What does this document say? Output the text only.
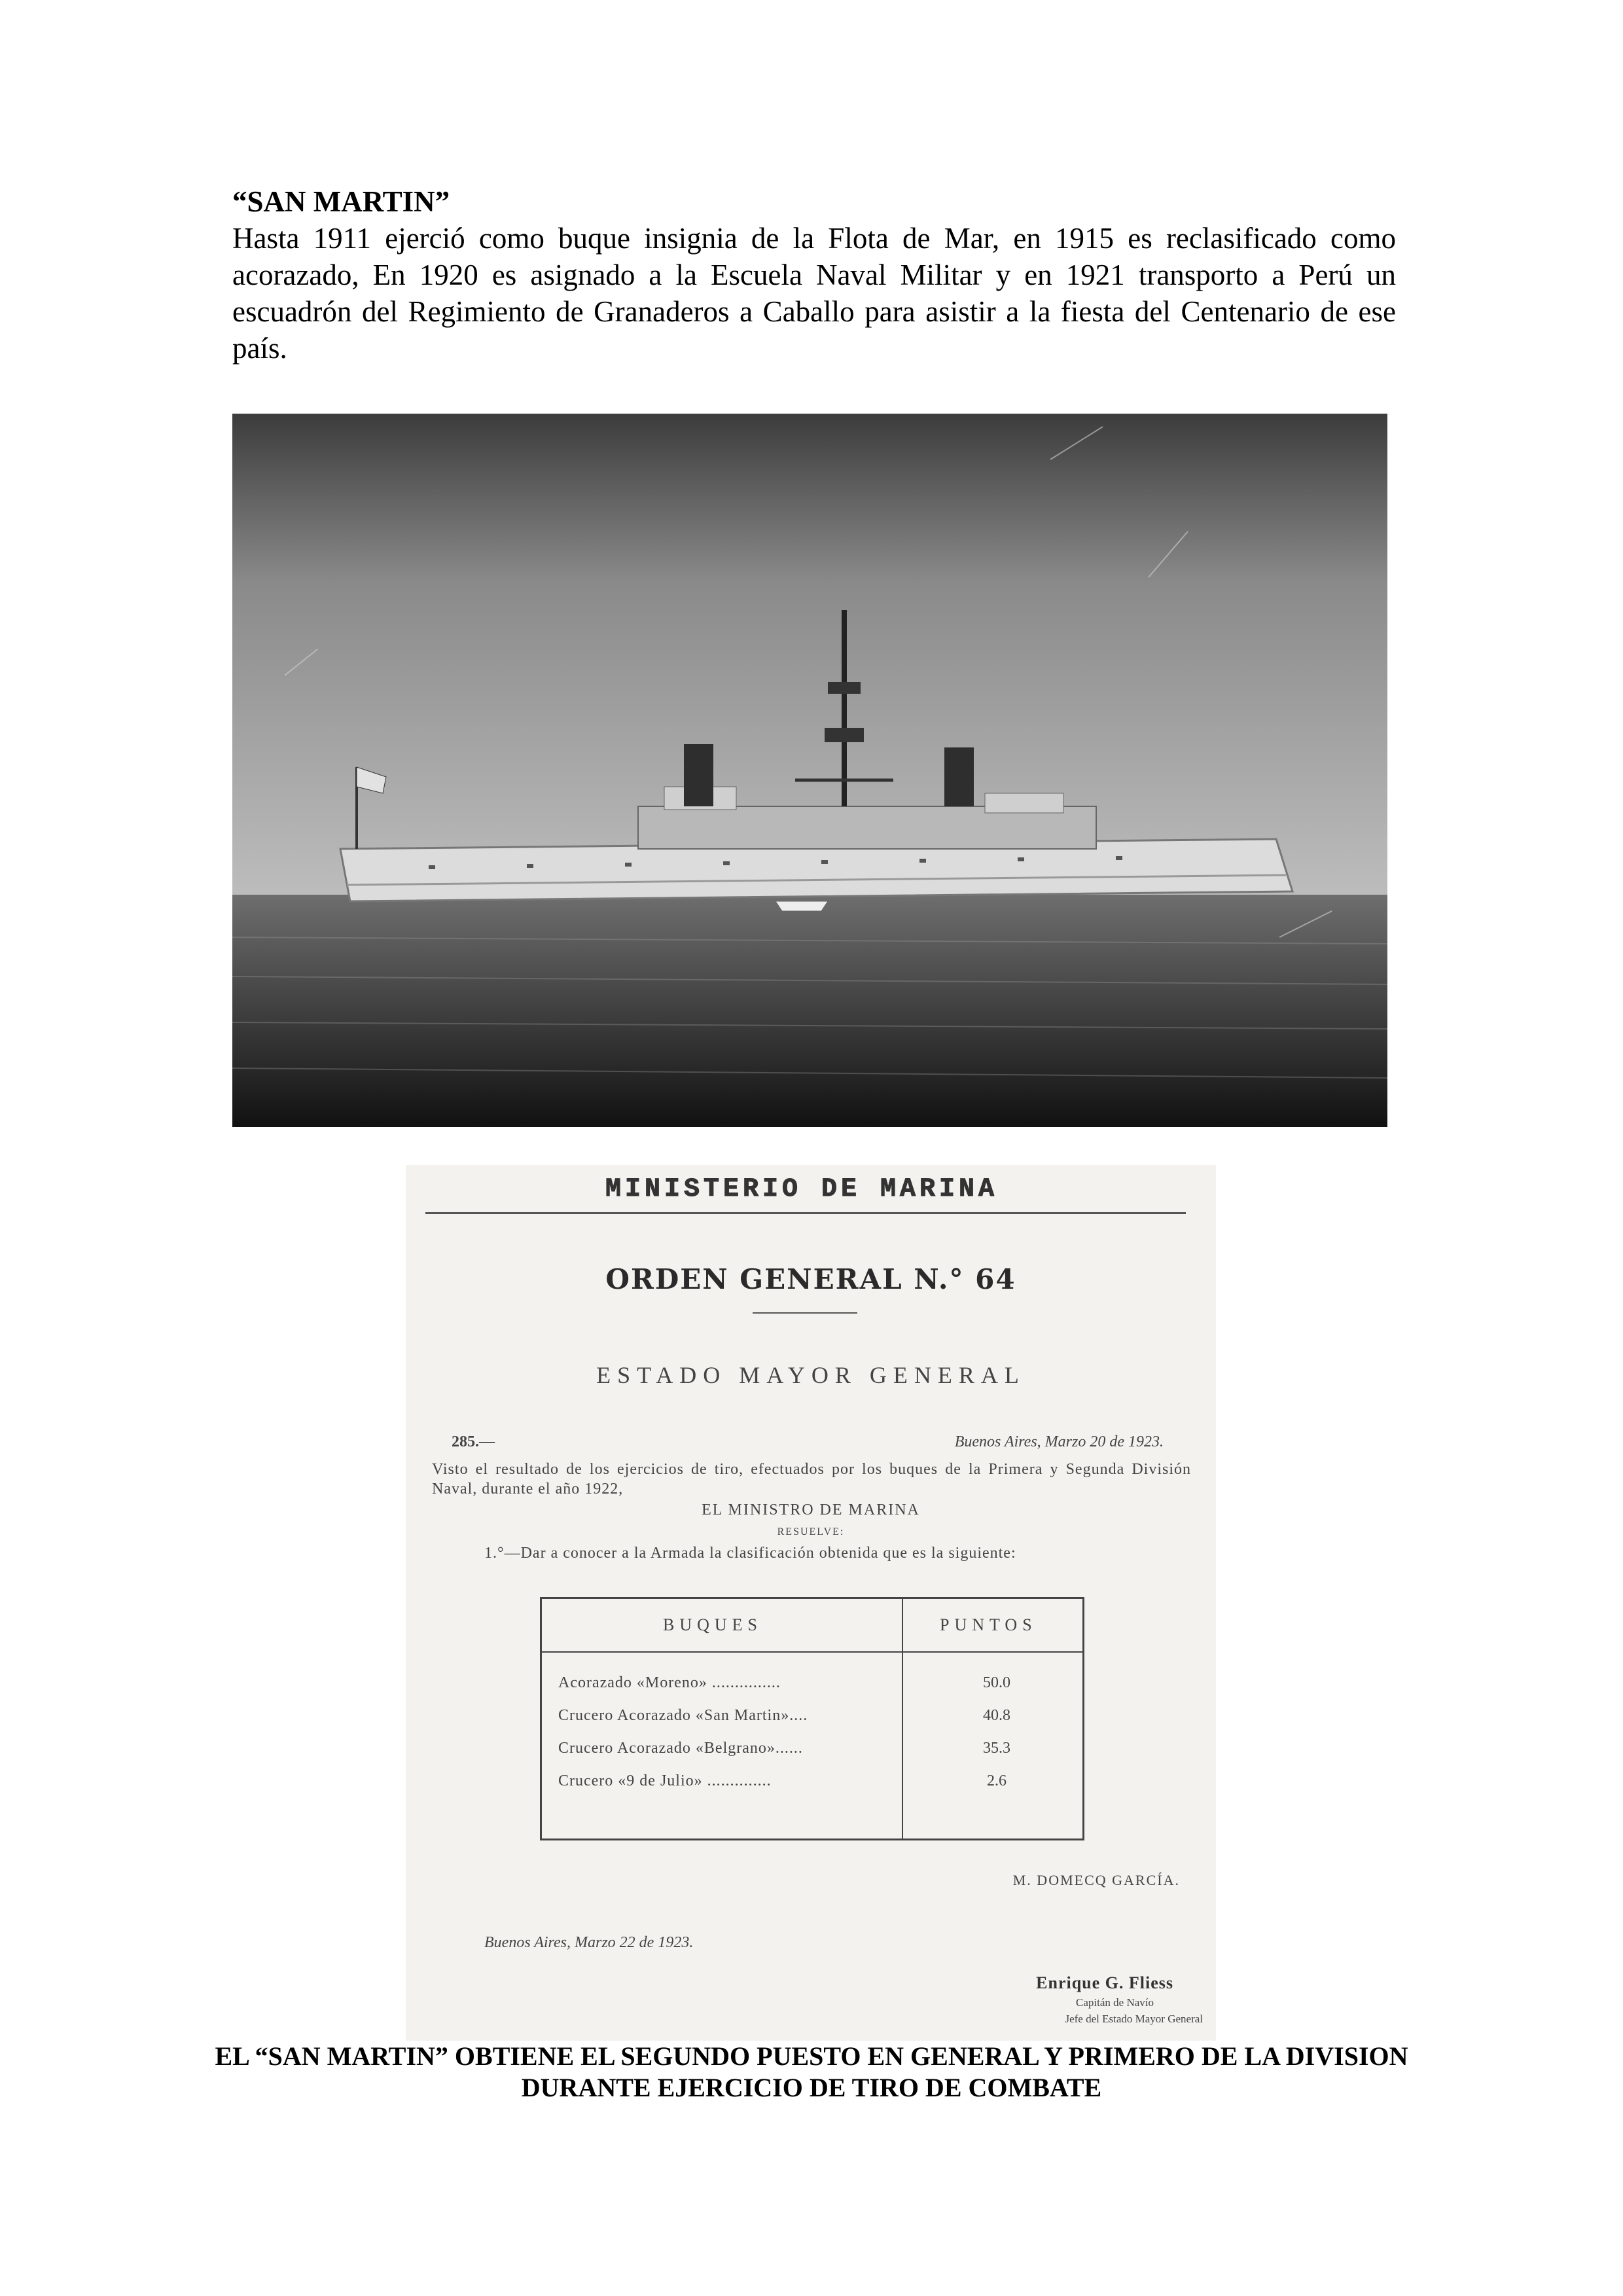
“SAN MARTIN”
Hasta 1911 ejerció como buque insignia de la Flota de Mar, en 1915 es reclasificado como acorazado, En 1920 es asignado a la Escuela Naval Militar y en 1921 transporto a Perú un escuadrón del Regimiento de Granaderos a Caballo para asistir a la fiesta del Centenario de ese país.
MINISTERIO DE MARINA
ORDEN GENERAL N.° 64
ESTADO MAYOR GENERAL
285.—	Buenos Aires, Marzo 20 de 1923.
Visto el resultado de los ejercicios de tiro, efectuados por los buques de la Primera y Segunda División Naval, durante el año 1922,
EL MINISTRO DE MARINA
RESUELVE:
1.°—Dar a conocer a la Armada la clasificación obtenida que es la siguiente:
BUQUES	PUNTOS
Acorazado «Moreno» ...............	50.0
Crucero Acorazado «San Martin»....	40.8
Crucero Acorazado «Belgrano»......	35.3
Crucero «9 de Julio» ..............	2.6
M. DOMECQ GARCÍA.
Buenos Aires, Marzo 22 de 1923.
Enrique G. Fliess
Capitán de Navío
Jefe del Estado Mayor General
EL “SAN MARTIN” OBTIENE EL SEGUNDO PUESTO EN GENERAL Y PRIMERO DE LA DIVISION DURANTE EJERCICIO DE TIRO DE COMBATE
